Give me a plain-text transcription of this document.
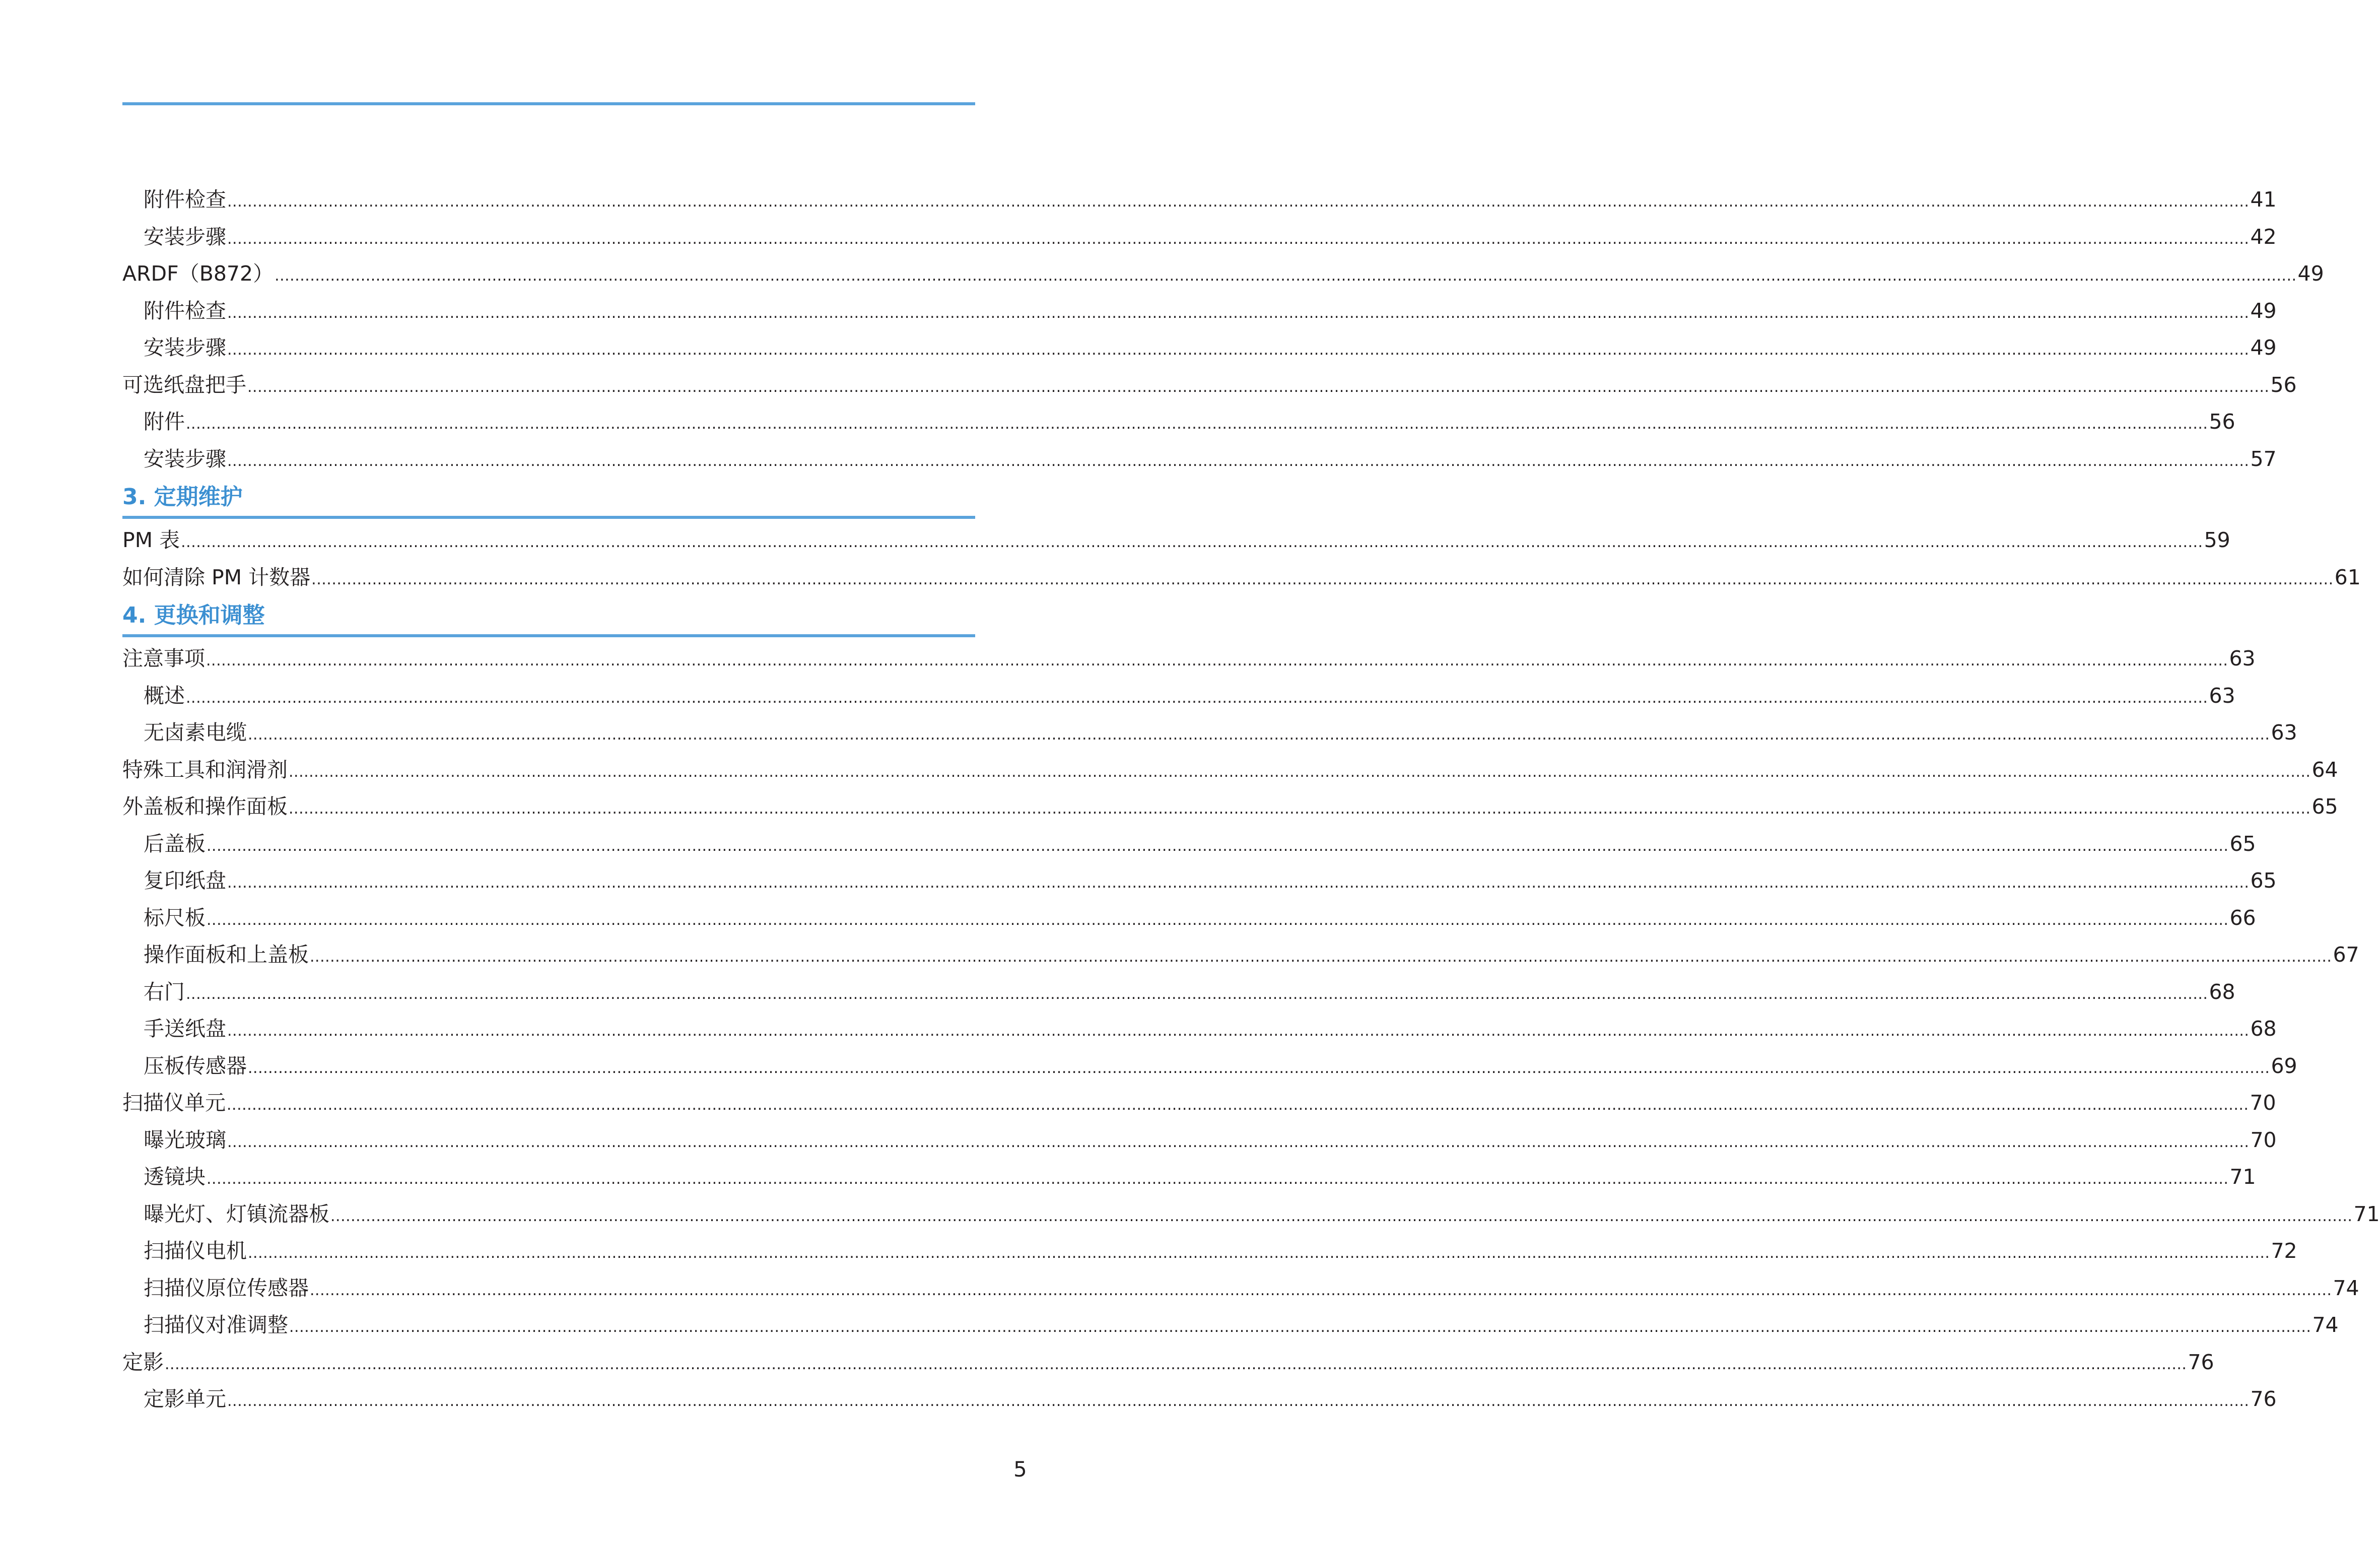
附件检查 ................................................................................................................................................................................................................................................................................................................................................................................................................ 41
安装步骤 ................................................................................................................................................................................................................................................................................................................................................................................................................ 42
ARDF（B872） ................................................................................................................................................................................................................................................................................................................................................................................................................ 49
附件检查 ................................................................................................................................................................................................................................................................................................................................................................................................................ 49
安装步骤 ................................................................................................................................................................................................................................................................................................................................................................................................................ 49
可选纸盘把手 ................................................................................................................................................................................................................................................................................................................................................................................................................ 56
附件 ................................................................................................................................................................................................................................................................................................................................................................................................................ 56
安装步骤 ................................................................................................................................................................................................................................................................................................................................................................................................................ 57
3. 定期维护
PM 表 ................................................................................................................................................................................................................................................................................................................................................................................................................ 59
如何清除 PM 计数器 ................................................................................................................................................................................................................................................................................................................................................................................................................ 61
4. 更换和调整
注意事项 ................................................................................................................................................................................................................................................................................................................................................................................................................ 63
概述 ................................................................................................................................................................................................................................................................................................................................................................................................................ 63
无卤素电缆 ................................................................................................................................................................................................................................................................................................................................................................................................................ 63
特殊工具和润滑剂 ................................................................................................................................................................................................................................................................................................................................................................................................................ 64
外盖板和操作面板 ................................................................................................................................................................................................................................................................................................................................................................................................................ 65
后盖板 ................................................................................................................................................................................................................................................................................................................................................................................................................ 65
复印纸盘 ................................................................................................................................................................................................................................................................................................................................................................................................................ 65
标尺板 ................................................................................................................................................................................................................................................................................................................................................................................................................ 66
操作面板和上盖板 ................................................................................................................................................................................................................................................................................................................................................................................................................ 67
右门 ................................................................................................................................................................................................................................................................................................................................................................................................................ 68
手送纸盘 ................................................................................................................................................................................................................................................................................................................................................................................................................ 68
压板传感器 ................................................................................................................................................................................................................................................................................................................................................................................................................ 69
扫描仪单元 ................................................................................................................................................................................................................................................................................................................................................................................................................ 70
曝光玻璃 ................................................................................................................................................................................................................................................................................................................................................................................................................ 70
透镜块 ................................................................................................................................................................................................................................................................................................................................................................................................................ 71
曝光灯、灯镇流器板 ................................................................................................................................................................................................................................................................................................................................................................................................................ 71
扫描仪电机 ................................................................................................................................................................................................................................................................................................................................................................................................................ 72
扫描仪原位传感器 ................................................................................................................................................................................................................................................................................................................................................................................................................ 74
扫描仪对准调整 ................................................................................................................................................................................................................................................................................................................................................................................................................ 74
定影 ................................................................................................................................................................................................................................................................................................................................................................................................................ 76
定影单元 ................................................................................................................................................................................................................................................................................................................................................................................................................ 76
5
